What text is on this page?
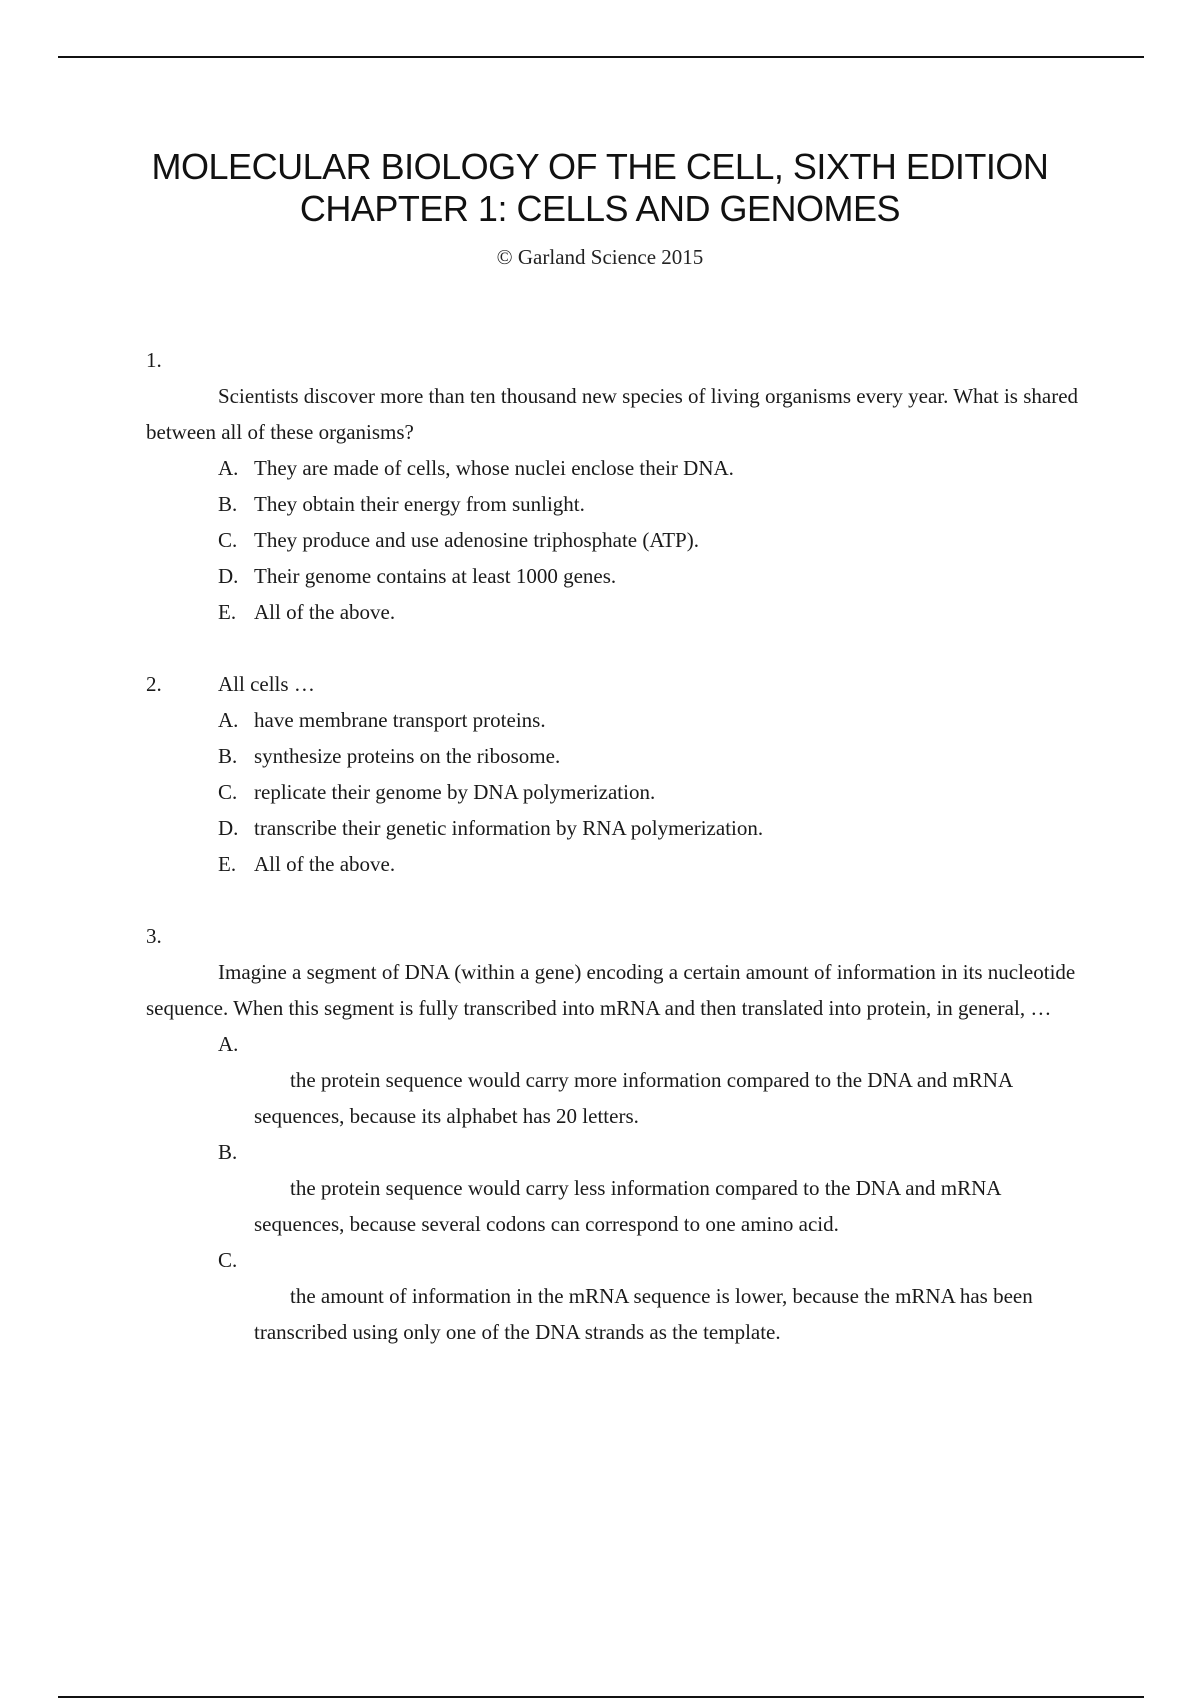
MOLECULAR BIOLOGY OF THE CELL, SIXTH EDITION
CHAPTER 1: CELLS AND GENOMES
© Garland Science 2015
1.

Scientists discover more than ten thousand new species of living organisms every year. What is shared between all of these organisms?

A. They are made of cells, whose nuclei enclose their DNA.
B. They obtain their energy from sunlight.
C. They produce and use adenosine triphosphate (ATP).
D. Their genome contains at least 1000 genes.
E. All of the above.
2.	All cells …
A. have membrane transport proteins.
B. synthesize proteins on the ribosome.
C. replicate their genome by DNA polymerization.
D. transcribe their genetic information by RNA polymerization.
E. All of the above.
3.

Imagine a segment of DNA (within a gene) encoding a certain amount of information in its nucleotide sequence. When this segment is fully transcribed into mRNA and then translated into protein, in general, …

A.

the protein sequence would carry more information compared to the DNA and mRNA sequences, because its alphabet has 20 letters.

B.

the protein sequence would carry less information compared to the DNA and mRNA sequences, because several codons can correspond to one amino acid.

C.

the amount of information in the mRNA sequence is lower, because the mRNA has been transcribed using only one of the DNA strands as the template.
